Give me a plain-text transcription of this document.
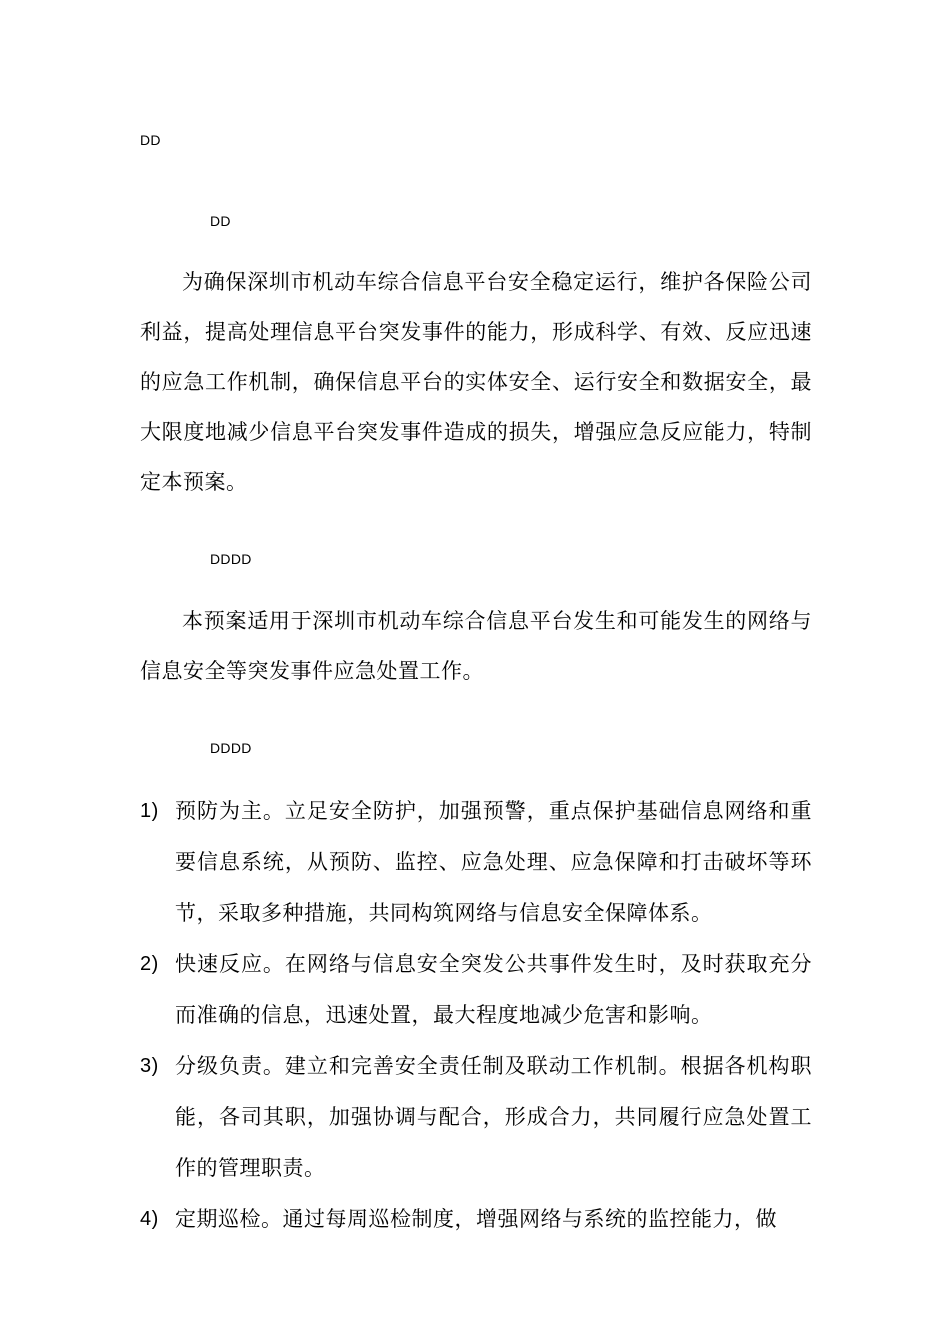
DD
DD

为确保深圳市机动车综合信息平台安全稳定运行，维护各保险公司利益，提高处理信息平台突发事件的能力，形成科学、有效、反应迅速的应急工作机制，确保信息平台的实体安全、运行安全和数据安全，最大限度地减少信息平台突发事件造成的损失，增强应急反应能力，特制定本预案。

DDDD

本预案适用于深圳市机动车综合信息平台发生和可能发生的网络与信息安全等突发事件应急处置工作。

DDDD
1) 预防为主。立足安全防护，加强预警，重点保护基础信息网络和重要信息系统，从预防、监控、应急处理、应急保障和打击破坏等环节，采取多种措施，共同构筑网络与信息安全保障体系。
2) 快速反应。在网络与信息安全突发公共事件发生时，及时获取充分而准确的信息，迅速处置，最大程度地减少危害和影响。
3) 分级负责。建立和完善安全责任制及联动工作机制。根据各机构职能，各司其职，加强协调与配合，形成合力，共同履行应急处置工作的管理职责。
4) 定期巡检。通过每周巡检制度，增强网络与系统的监控能力，做
